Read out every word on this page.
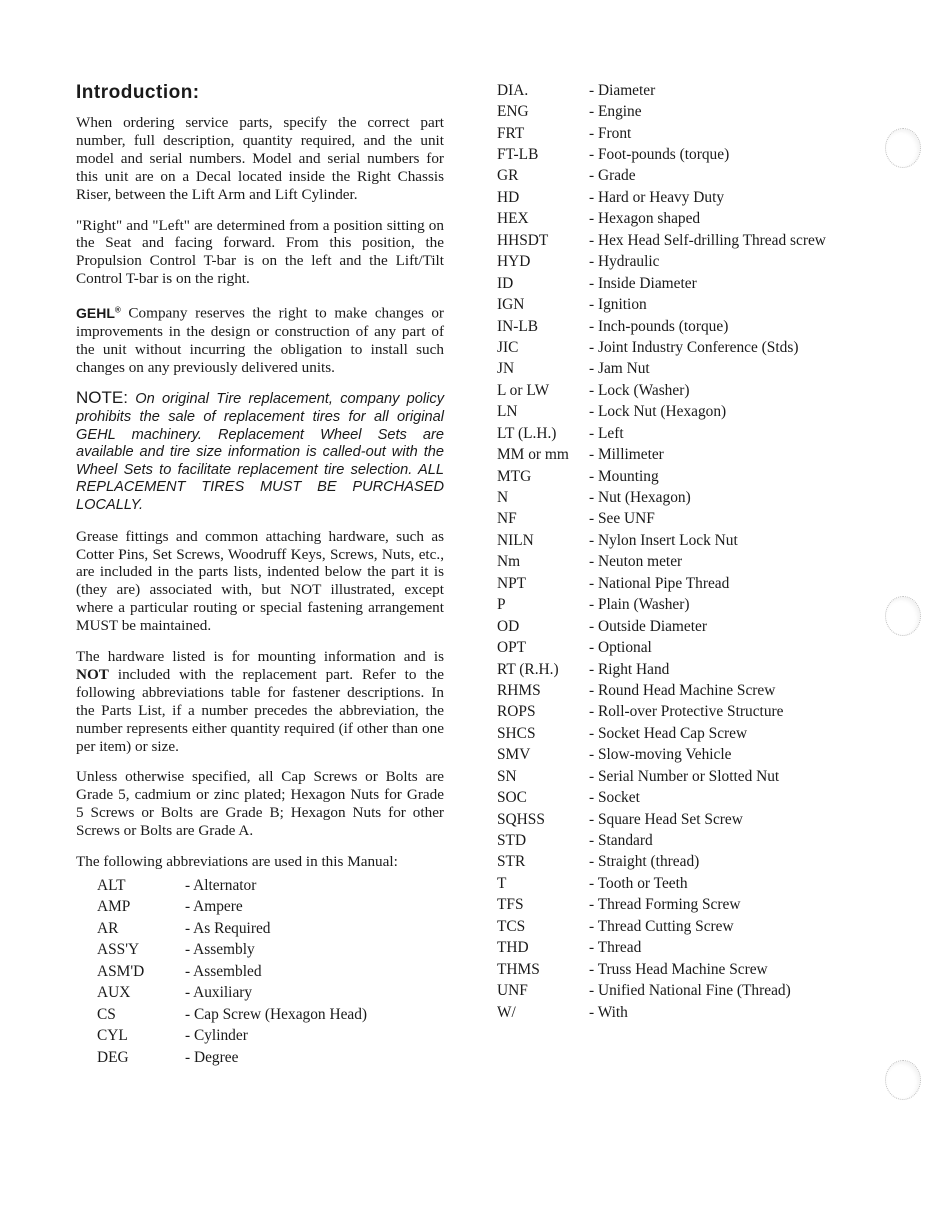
Introduction:

When ordering service parts, specify the correct part number, full description, quantity required, and the unit model and serial numbers. Model and serial numbers for this unit are on a Decal located inside the Right Chassis Riser, between the Lift Arm and Lift Cylinder.

"Right" and "Left" are determined from a position sitting on the Seat and facing forward. From this position, the Propulsion Control T-bar is on the left and the Lift/Tilt Control T-bar is on the right.

GEHL® Company reserves the right to make changes or improvements in the design or construction of any part of the unit without incurring the obligation to install such changes on any previously delivered units.

NOTE: On original Tire replacement, company policy prohibits the sale of replacement tires for all original GEHL machinery. Replacement Wheel Sets are available and tire size information is called-out with the Wheel Sets to facilitate replacement tire selection. ALL REPLACEMENT TIRES MUST BE PURCHASED LOCALLY.

Grease fittings and common attaching hardware, such as Cotter Pins, Set Screws, Woodruff Keys, Screws, Nuts, etc., are included in the parts lists, indented below the part it is (they are) associated with, but NOT illustrated, except where a particular routing or special fastening arrangement MUST be maintained.

The hardware listed is for mounting information and is NOT included with the replacement part. Refer to the following abbreviations table for fastener descriptions. In the Parts List, if a number precedes the abbreviation, the number represents either quantity required (if other than one per item) or size.

Unless otherwise specified, all Cap Screws or Bolts are Grade 5, cadmium or zinc plated; Hexagon Nuts for Grade 5 Screws or Bolts are Grade B; Hexagon Nuts for other Screws or Bolts are Grade A.

The following abbreviations are used in this Manual:

ALT	- Alternator
AMP	- Ampere
AR	- As Required
ASS'Y	- Assembly
ASM'D	- Assembled
AUX	- Auxiliary
CS	- Cap Screw (Hexagon Head)
CYL	- Cylinder
DEG	- Degree
DIA.	- Diameter
ENG	- Engine
FRT	- Front
FT-LB	- Foot-pounds (torque)
GR	- Grade
HD	- Hard or Heavy Duty
HEX	- Hexagon shaped
HHSDT	- Hex Head Self-drilling Thread screw
HYD	- Hydraulic
ID	- Inside Diameter
IGN	- Ignition
IN-LB	- Inch-pounds (torque)
JIC	- Joint Industry Conference (Stds)
JN	- Jam Nut
L or LW	- Lock (Washer)
LN	- Lock Nut (Hexagon)
LT (L.H.)	- Left
MM or mm	- Millimeter
MTG	- Mounting
N	- Nut (Hexagon)
NF	- See UNF
NILN	- Nylon Insert Lock Nut
Nm	- Neuton meter
NPT	- National Pipe Thread
P	- Plain (Washer)
OD	- Outside Diameter
OPT	- Optional
RT (R.H.)	- Right Hand
RHMS	- Round Head Machine Screw
ROPS	- Roll-over Protective Structure
SHCS	- Socket Head Cap Screw
SMV	- Slow-moving Vehicle
SN	- Serial Number or Slotted Nut
SOC	- Socket
SQHSS	- Square Head Set Screw
STD	- Standard
STR	- Straight (thread)
T	- Tooth or Teeth
TFS	- Thread Forming Screw
TCS	- Thread Cutting Screw
THD	- Thread
THMS	- Truss Head Machine Screw
UNF	- Unified National Fine (Thread)
W/	- With
